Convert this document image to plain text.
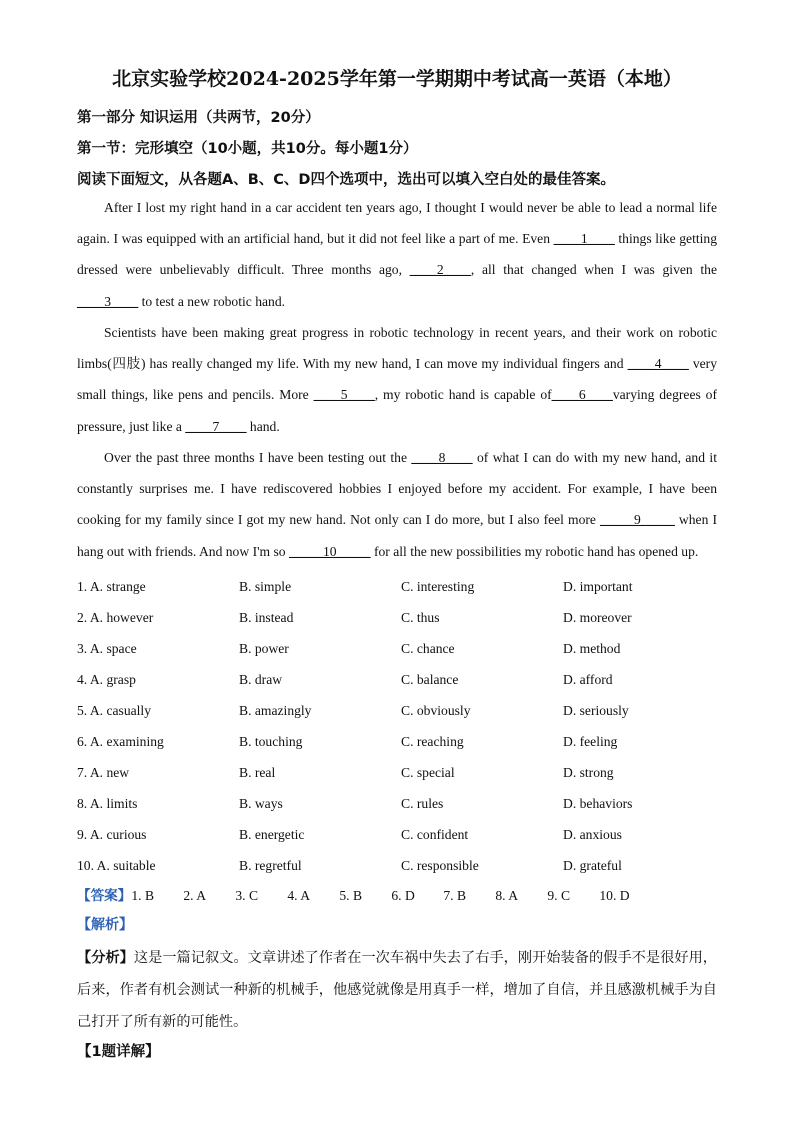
北京实验学校2024-2025学年第一学期期中考试高一英语（本地）
第一部分 知识运用（共两节，20分）
第一节：完形填空（10小题，共10分。每小题1分）
阅读下面短文，从各题A、B、C、D四个选项中，选出可以填入空白处的最佳答案。
After I lost my right hand in a car accident ten years ago, I thought I would never be able to lead a normal life again. I was equipped with an artificial hand, but it did not feel like a part of me. Even ____1____ things like getting dressed were unbelievably difficult. Three months ago, ____2____, all that changed when I was given the ____3____ to test a new robotic hand.
Scientists have been making great progress in robotic technology in recent years, and their work on robotic limbs(四肢) has really changed my life. With my new hand, I can move my individual fingers and ____4____ very small things, like pens and pencils. More ____5____, my robotic hand is capable of____6____varying degrees of pressure, just like a ____7____ hand.
Over the past three months I have been testing out the ____8____ of what I can do with my new hand, and it constantly surprises me. I have rediscovered hobbies I enjoyed before my accident. For example, I have been cooking for my family since I got my new hand. Not only can I do more, but I also feel more _____9_____ when I hang out with friends. And now I'm so _____10_____ for all the new possibilities my robotic hand has opened up.
1. A. strange	B. simple	C. interesting	D. important
2. A. however	B. instead	C. thus	D. moreover
3. A. space	B. power	C. chance	D. method
4. A. grasp	B. draw	C. balance	D. afford
5. A. casually	B. amazingly	C. obviously	D. seriously
6. A. examining	B. touching	C. reaching	D. feeling
7. A. new	B. real	C. special	D. strong
8. A. limits	B. ways	C. rules	D. behaviors
9. A. curious	B. energetic	C. confident	D. anxious
10. A. suitable	B. regretful	C. responsible	D. grateful
【答案】1. B 2. A 3. C 4. A 5. B 6. D 7. B 8. A 9. C 10. D
【解析】
【分析】这是一篇记叙文。文章讲述了作者在一次车祸中失去了右手，刚开始装备的假手不是很好用，后来，作者有机会测试一种新的机械手，他感觉就像是用真手一样，增加了自信，并且感激机械手为自己打开了所有新的可能性。
【1题详解】
